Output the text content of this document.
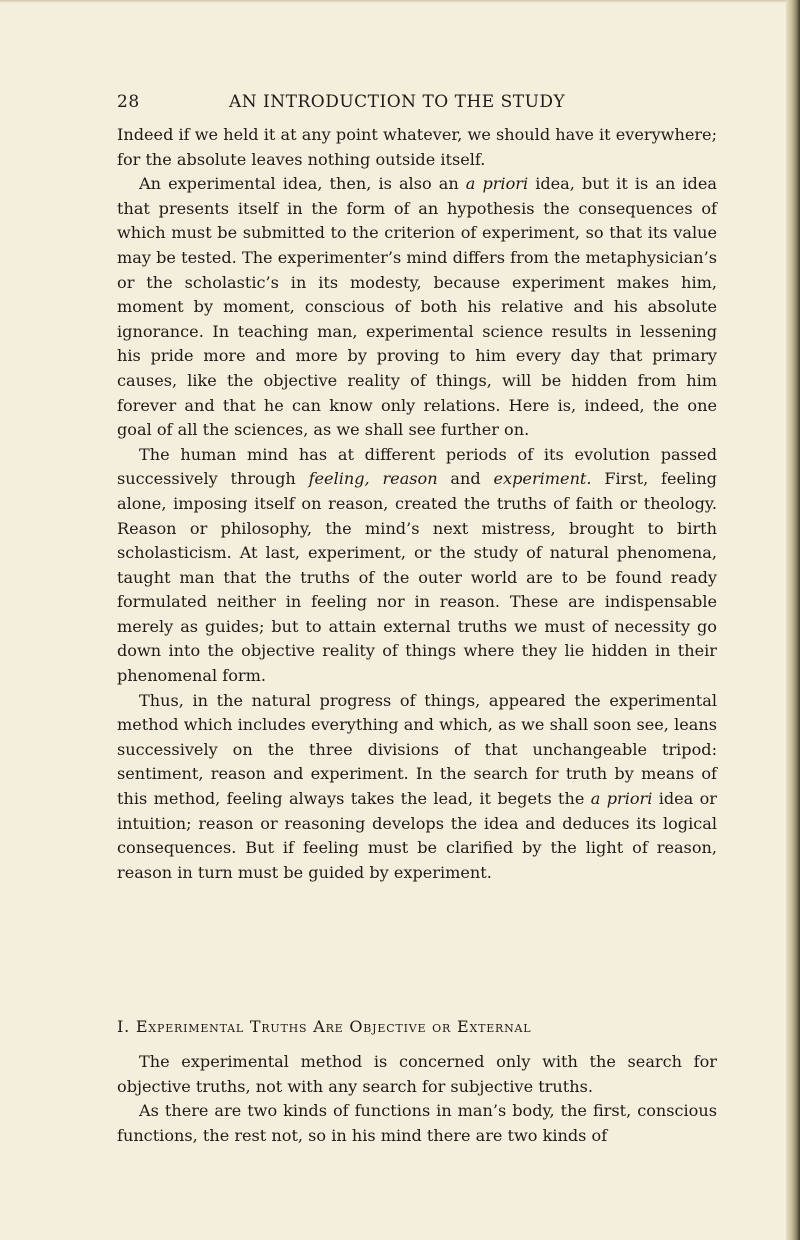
28	AN INTRODUCTION TO THE STUDY

Indeed if we held it at any point whatever, we should have it everywhere; for the absolute leaves nothing outside itself.

An experimental idea, then, is also an a priori idea, but it is an idea that presents itself in the form of an hypothesis the consequences of which must be submitted to the criterion of experiment, so that its value may be tested. The experimenter’s mind differs from the metaphysician’s or the scholastic’s in its modesty, because experiment makes him, moment by moment, conscious of both his relative and his absolute ignorance. In teaching man, experimental science results in lessening his pride more and more by proving to him every day that primary causes, like the objective reality of things, will be hidden from him forever and that he can know only relations. Here is, indeed, the one goal of all the sciences, as we shall see further on.

The human mind has at different periods of its evolution passed successively through feeling, reason and experiment. First, feeling alone, imposing itself on reason, created the truths of faith or theology. Reason or philosophy, the mind’s next mistress, brought to birth scholasticism. At last, experiment, or the study of natural phenomena, taught man that the truths of the outer world are to be found ready formulated neither in feeling nor in reason. These are indispensable merely as guides; but to attain external truths we must of necessity go down into the objective reality of things where they lie hidden in their phenomenal form.

Thus, in the natural progress of things, appeared the experimental method which includes everything and which, as we shall soon see, leans successively on the three divisions of that unchangeable tripod: sentiment, reason and experiment. In the search for truth by means of this method, feeling always takes the lead, it begets the a priori idea or intuition; reason or reasoning develops the idea and deduces its logical consequences. But if feeling must be clarified by the light of reason, reason in turn must be guided by experiment.

I. Experimental Truths Are Objective or External

The experimental method is concerned only with the search for objective truths, not with any search for subjective truths.

As there are two kinds of functions in man’s body, the first, conscious functions, the rest not, so in his mind there are two kinds of
